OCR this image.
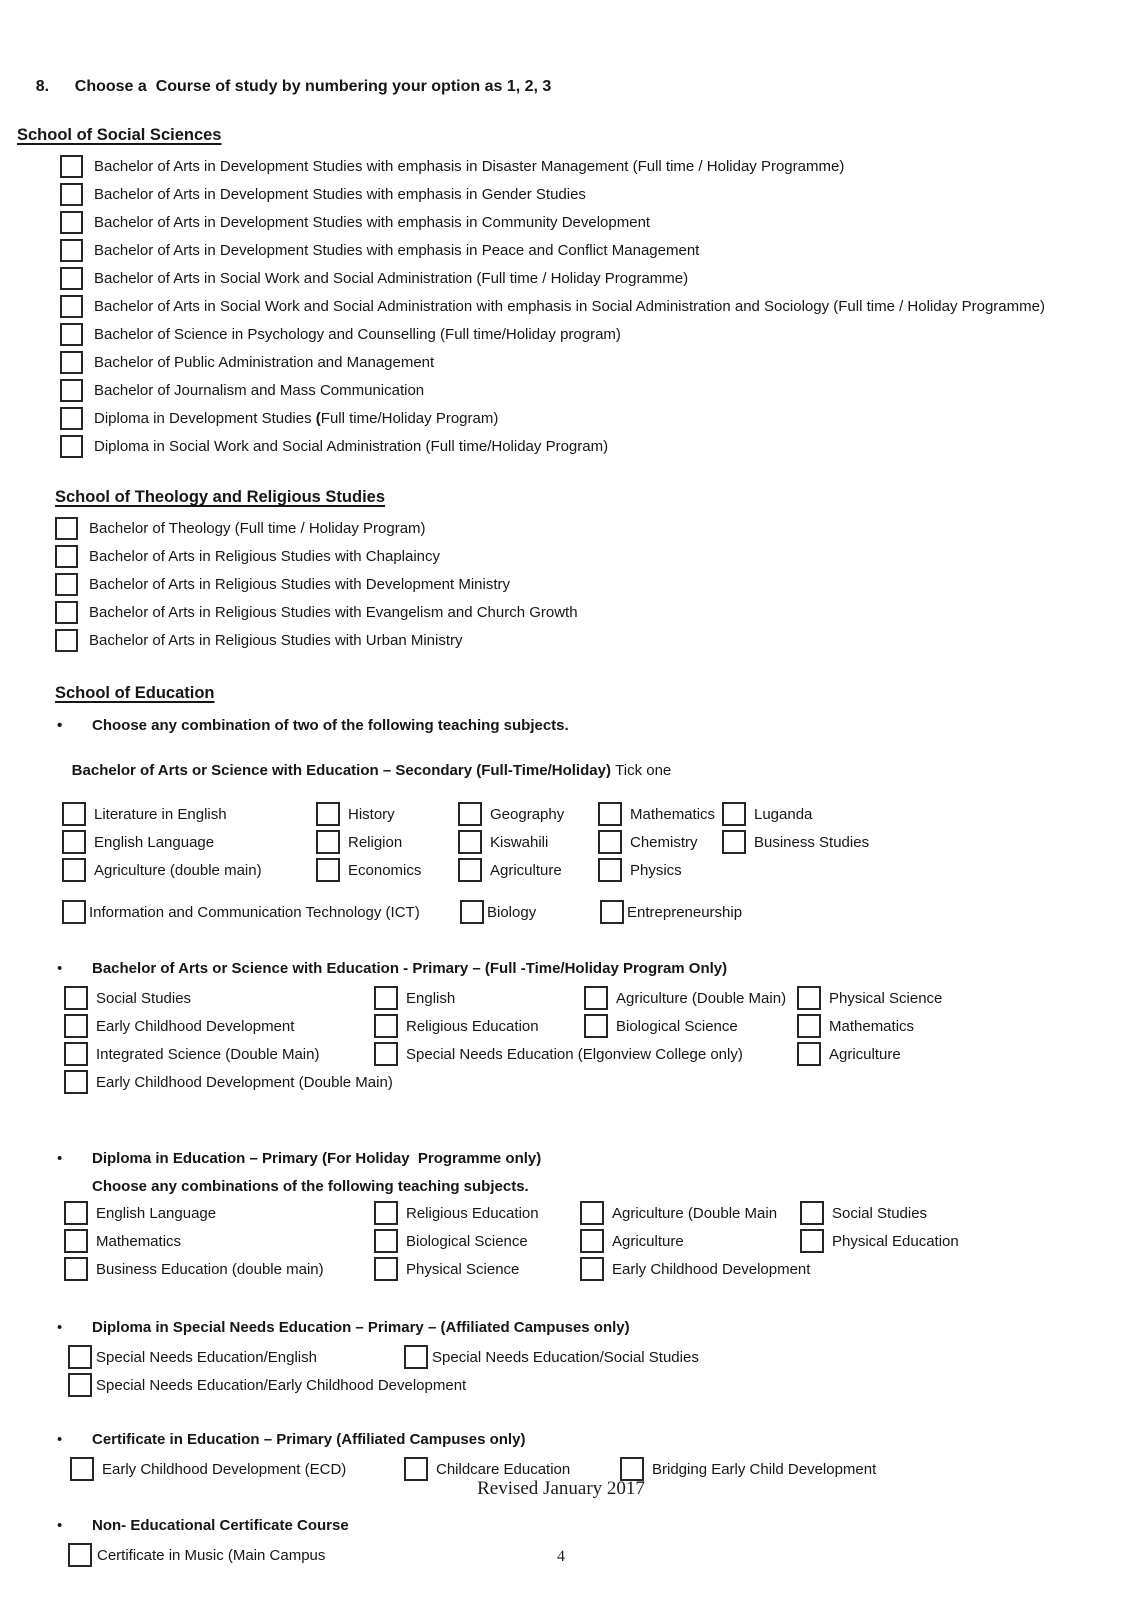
8. Choose a  Course of study by numbering your option as 1, 2, 3

School of Social Sciences
Bachelor of Arts in Development Studies with emphasis in Disaster Management (Full time / Holiday Programme)
Bachelor of Arts in Development Studies with emphasis in Gender Studies
Bachelor of Arts in Development Studies with emphasis in Community Development
Bachelor of Arts in Development Studies with emphasis in Peace and Conflict Management
Bachelor of Arts in Social Work and Social Administration (Full time / Holiday Programme)
Bachelor of Arts in Social Work and Social Administration with emphasis in Social Administration and Sociology (Full time / Holiday Programme)
Bachelor of Science in Psychology and Counselling (Full time/Holiday program)
Bachelor of Public Administration and Management
Bachelor of Journalism and Mass Communication
Diploma in Development Studies (Full time/Holiday Program)
Diploma in Social Work and Social Administration (Full time/Holiday Program)
School of Theology and Religious Studies
Bachelor of Theology (Full time / Holiday Program)
Bachelor of Arts in Religious Studies with Chaplaincy
Bachelor of Arts in Religious Studies with Development Ministry
Bachelor of Arts in Religious Studies with Evangelism and Church Growth
Bachelor of Arts in Religious Studies with Urban Ministry
School of Education
•	Choose any combination of two of the following teaching subjects.

Bachelor of Arts or Science with Education – Secondary (Full-Time/Holiday) Tick one

Literature in English	History	Geography	Mathematics	Luganda
English Language	Religion	Kiswahili	Chemistry	Business Studies
Agriculture (double main)	Economics	Agriculture	Physics
Information and Communication Technology (ICT)	Biology	Entrepreneurship
•	Bachelor of Arts or Science with Education - Primary – (Full -Time/Holiday Program Only)
Social Studies	English	Agriculture (Double Main)	Physical Science
Early Childhood Development	Religious Education	Biological Science	Mathematics
Integrated Science (Double Main)	Special Needs Education (Elgonview College only)	Agriculture
Early Childhood Development (Double Main)
•	Diploma in Education – Primary (For Holiday  Programme only)
Choose any combinations of the following teaching subjects.
English Language	Religious Education	Agriculture (Double Main	Social Studies
Mathematics	Biological Science	Agriculture	Physical Education
Business Education (double main)	Physical Science	Early Childhood Development
•	Diploma in Special Needs Education – Primary – (Affiliated Campuses only)
Special Needs Education/English	Special Needs Education/Social Studies
Special Needs Education/Early Childhood Development
•	Certificate in Education – Primary (Affiliated Campuses only)
Early Childhood Development (ECD)	Childcare Education	Bridging Early Child Development
•	Non- Educational Certificate Course
Certificate in Music (Main Campus
Revised January 2017
4
